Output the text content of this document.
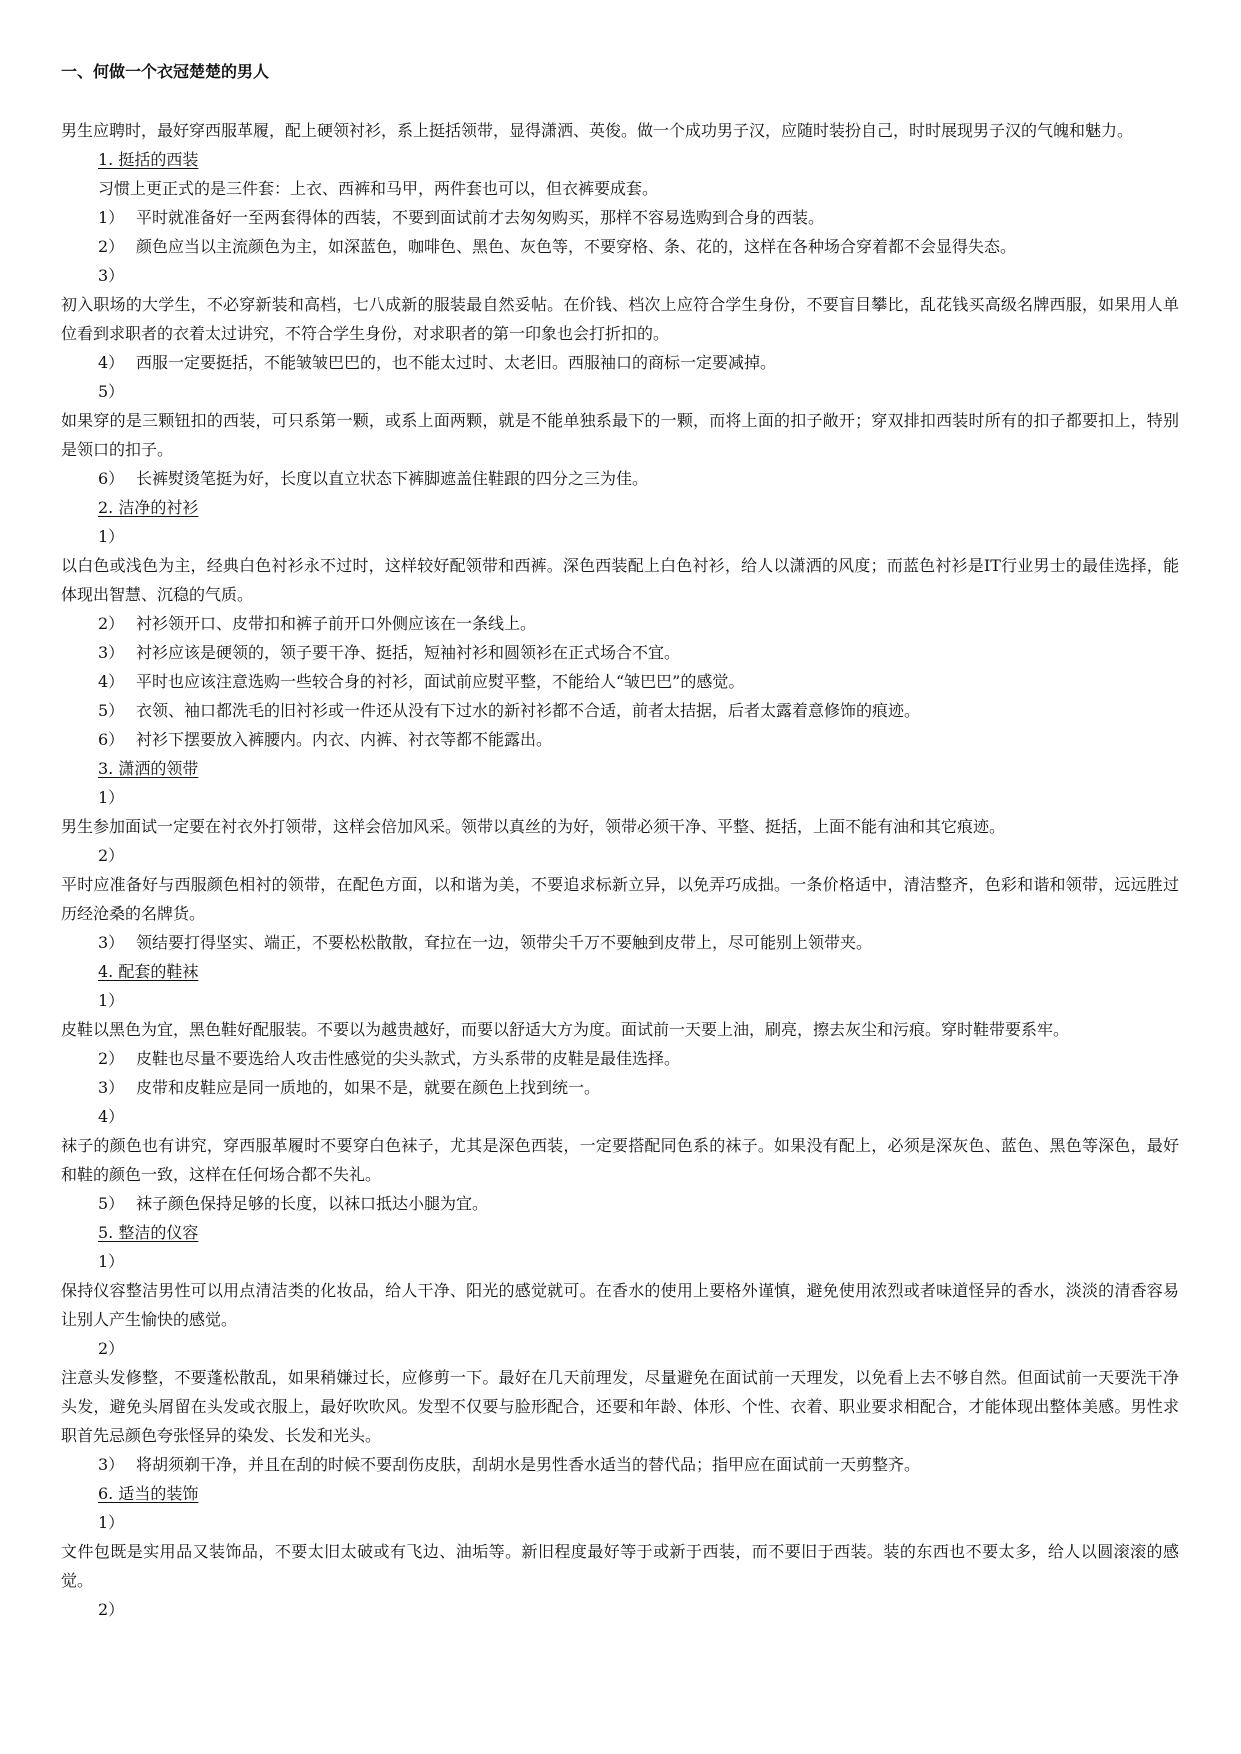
一、何做一个衣冠楚楚的男人

男生应聘时，最好穿西服革履，配上硬领衬衫，系上挺括领带，显得潇洒、英俊。做一个成功男子汉，应随时装扮自己，时时展现男子汉的气魄和魅力。

1. 挺括的西装

习惯上更正式的是三件套：上衣、西裤和马甲，两件套也可以，但衣裤要成套。

1） 平时就准备好一至两套得体的西装，不要到面试前才去匆匆购买，那样不容易选购到合身的西装。

2） 颜色应当以主流颜色为主，如深蓝色，咖啡色、黑色、灰色等，不要穿格、条、花的，这样在各种场合穿着都不会显得失态。

3）

初入职场的大学生，不必穿新装和高档，七八成新的服装最自然妥帖。在价钱、档次上应符合学生身份，不要盲目攀比，乱花钱买高级名牌西服，如果用人单位看到求职者的衣着太过讲究，不符合学生身份，对求职者的第一印象也会打折扣的。

4） 西服一定要挺括，不能皱皱巴巴的，也不能太过时、太老旧。西服袖口的商标一定要减掉。

5）

如果穿的是三颗钮扣的西装，可只系第一颗，或系上面两颗，就是不能单独系最下的一颗，而将上面的扣子敞开；穿双排扣西装时所有的扣子都要扣上，特别是领口的扣子。

6） 长裤熨烫笔挺为好，长度以直立状态下裤脚遮盖住鞋跟的四分之三为佳。

2. 洁净的衬衫

1）

以白色或浅色为主，经典白色衬衫永不过时，这样较好配领带和西裤。深色西装配上白色衬衫，给人以潇洒的风度；而蓝色衬衫是IT行业男士的最佳选择，能体现出智慧、沉稳的气质。

2） 衬衫领开口、皮带扣和裤子前开口外侧应该在一条线上。

3） 衬衫应该是硬领的，领子要干净、挺括，短袖衬衫和圆领衫在正式场合不宜。

4） 平时也应该注意选购一些较合身的衬衫，面试前应熨平整，不能给人“皱巴巴”的感觉。

5） 衣领、袖口都洗毛的旧衬衫或一件还从没有下过水的新衬衫都不合适，前者太拮据，后者太露着意修饰的痕迹。

6） 衬衫下摆要放入裤腰内。内衣、内裤、衬衣等都不能露出。

3. 潇洒的领带

1）

男生参加面试一定要在衬衣外打领带，这样会倍加风采。领带以真丝的为好，领带必须干净、平整、挺括，上面不能有油和其它痕迹。

2）

平时应准备好与西服颜色相衬的领带，在配色方面，以和谐为美，不要追求标新立异，以免弄巧成拙。一条价格适中，清洁整齐，色彩和谐和领带，远远胜过历经沧桑的名牌货。

3） 领结要打得坚实、端正，不要松松散散，耷拉在一边，领带尖千万不要触到皮带上，尽可能别上领带夹。

4. 配套的鞋袜

1）

皮鞋以黑色为宜，黑色鞋好配服装。不要以为越贵越好，而要以舒适大方为度。面试前一天要上油，刷亮，擦去灰尘和污痕。穿时鞋带要系牢。

2） 皮鞋也尽量不要选给人攻击性感觉的尖头款式，方头系带的皮鞋是最佳选择。

3） 皮带和皮鞋应是同一质地的，如果不是，就要在颜色上找到统一。

4）

袜子的颜色也有讲究，穿西服革履时不要穿白色袜子，尤其是深色西装，一定要搭配同色系的袜子。如果没有配上，必须是深灰色、蓝色、黑色等深色，最好和鞋的颜色一致，这样在任何场合都不失礼。

5） 袜子颜色保持足够的长度，以袜口抵达小腿为宜。

5. 整洁的仪容

1）

保持仪容整洁男性可以用点清洁类的化妆品，给人干净、阳光的感觉就可。在香水的使用上要格外谨慎，避免使用浓烈或者味道怪异的香水，淡淡的清香容易让别人产生愉快的感觉。

2）

注意头发修整，不要蓬松散乱，如果稍嫌过长，应修剪一下。最好在几天前理发，尽量避免在面试前一天理发，以免看上去不够自然。但面试前一天要洗干净头发，避免头屑留在头发或衣服上，最好吹吹风。发型不仅要与脸形配合，还要和年龄、体形、个性、衣着、职业要求相配合，才能体现出整体美感。男性求职首先忌颜色夸张怪异的染发、长发和光头。

3） 将胡须剃干净，并且在刮的时候不要刮伤皮肤，刮胡水是男性香水适当的替代品；指甲应在面试前一天剪整齐。

6. 适当的装饰

1）

文件包既是实用品又装饰品，不要太旧太破或有飞边、油垢等。新旧程度最好等于或新于西装，而不要旧于西装。装的东西也不要太多，给人以圆滚滚的感觉。

2）
